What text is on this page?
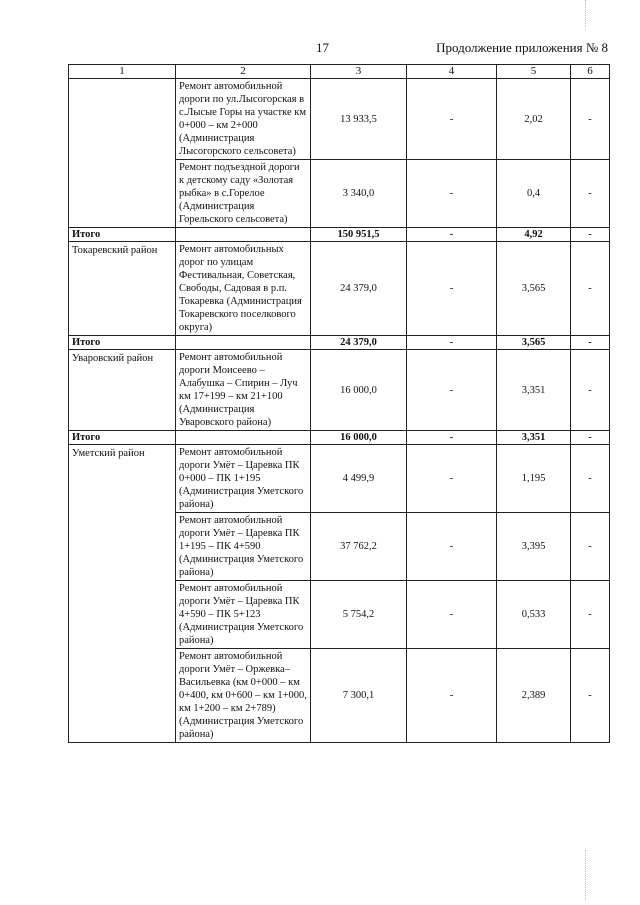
17	Продолжение приложения № 8
1	2	3	4	5	6
	Ремонт автомобильной дороги по ул.Лысогорская в с.Лысые Горы на участке км 0+000 – км 2+000 (Администрация Лысогорского сельсовета)	13 933,5	-	2,02	-
	Ремонт подъездной дороги к детскому саду «Золотая рыбка» в с.Горелое (Администрация Горельского сельсовета)	3 340,0	-	0,4	-
Итого		150 951,5	-	4,92	-
Токаревский район	Ремонт автомобильных дорог по улицам Фестивальная, Советская, Свободы, Садовая в р.п. Токаревка (Администрация Токаревского поселкового округа)	24 379,0	-	3,565	-
Итого		24 379,0	-	3,565	-
Уваровский район	Ремонт автомобильной дороги Моисеево – Алабушка – Спирин – Луч км 17+199 – км 21+100 (Администрация Уваровского района)	16 000,0	-	3,351	-
Итого		16 000,0	-	3,351	-
Уметский район	Ремонт автомобильной дороги Умёт – Царевка ПК 0+000 – ПК 1+195 (Администрация Уметского района)	4 499,9	-	1,195	-
	Ремонт автомобильной дороги Умёт – Царевка ПК 1+195 – ПК 4+590 (Администрация Уметского района)	37 762,2	-	3,395	-
	Ремонт автомобильной дороги Умёт – Царевка ПК 4+590 – ПК 5+123 (Администрация Уметского района)	5 754,2	-	0,533	-
	Ремонт автомобильной дороги Умёт – Оржевка– Васильевка (км 0+000 – км 0+400, км 0+600 – км 1+000, км 1+200 – км 2+789) (Администрация Уметского района)	7 300,1	-	2,389	-
